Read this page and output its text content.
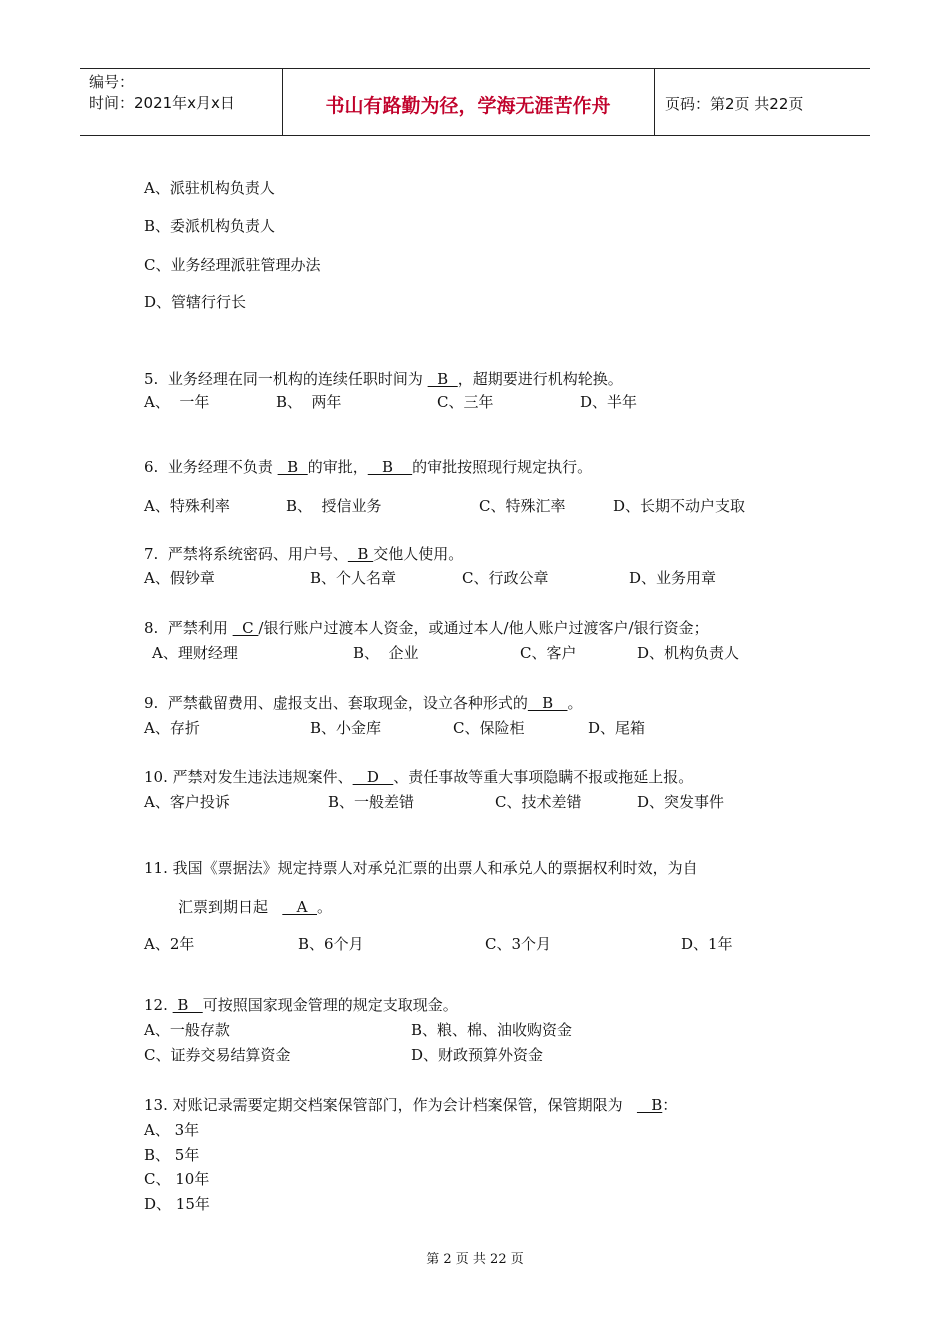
编号：
时间：2021年x月x日	书山有路勤为径，学海无涯苦作舟	页码：第2页 共22页
A、派驻机构负责人
B、委派机构负责人
C、业务经理派驻管理办法
D、管辖行行长
5.  业务经理在同一机构的连续任职时间为   B  ，超期要进行机构轮换。
A、  一年	B、  两年	C、三年	D、半年
6.  业务经理不负责   B  的审批，   B    的审批按照现行规定执行。
A、特殊利率	B、  授信业务	C、特殊汇率	D、长期不动户支取
7.  严禁将系统密码、用户号、  B 交他人使用。
A、假钞章	B、个人名章	C、行政公章	D、业务用章
8.  严禁利用   C /银行账户过渡本人资金，或通过本人/他人账户过渡客户/银行资金；
A、理财经理	B、  企业	C、客户	D、机构负责人
9.  严禁截留费用、虚报支出、套取现金，设立各种形式的   B   。
A、存折	B、小金库	C、保险柜	D、尾箱
10. 严禁对发生违法违规案件、   D   、责任事故等重大事项隐瞒不报或拖延上报。
A、客户投诉	B、一般差错	C、技术差错	D、突发事件
11. 我国《票据法》规定持票人对承兑汇票的出票人和承兑人的票据权利时效，为自
汇票到期日起      A  。
A、2年	B、6个月	C、3个月	D、1年
12.  B   可按照国家现金管理的规定支取现金。
A、一般存款	B、粮、棉、油收购资金
C、证券交易结算资金	D、财政预算外资金
13. 对账记录需要定期交档案保管部门，作为会计档案保管，保管期限为      B：
A、 3年
B、 5年
C、 10年
D、 15年
第 2 页 共 22 页
